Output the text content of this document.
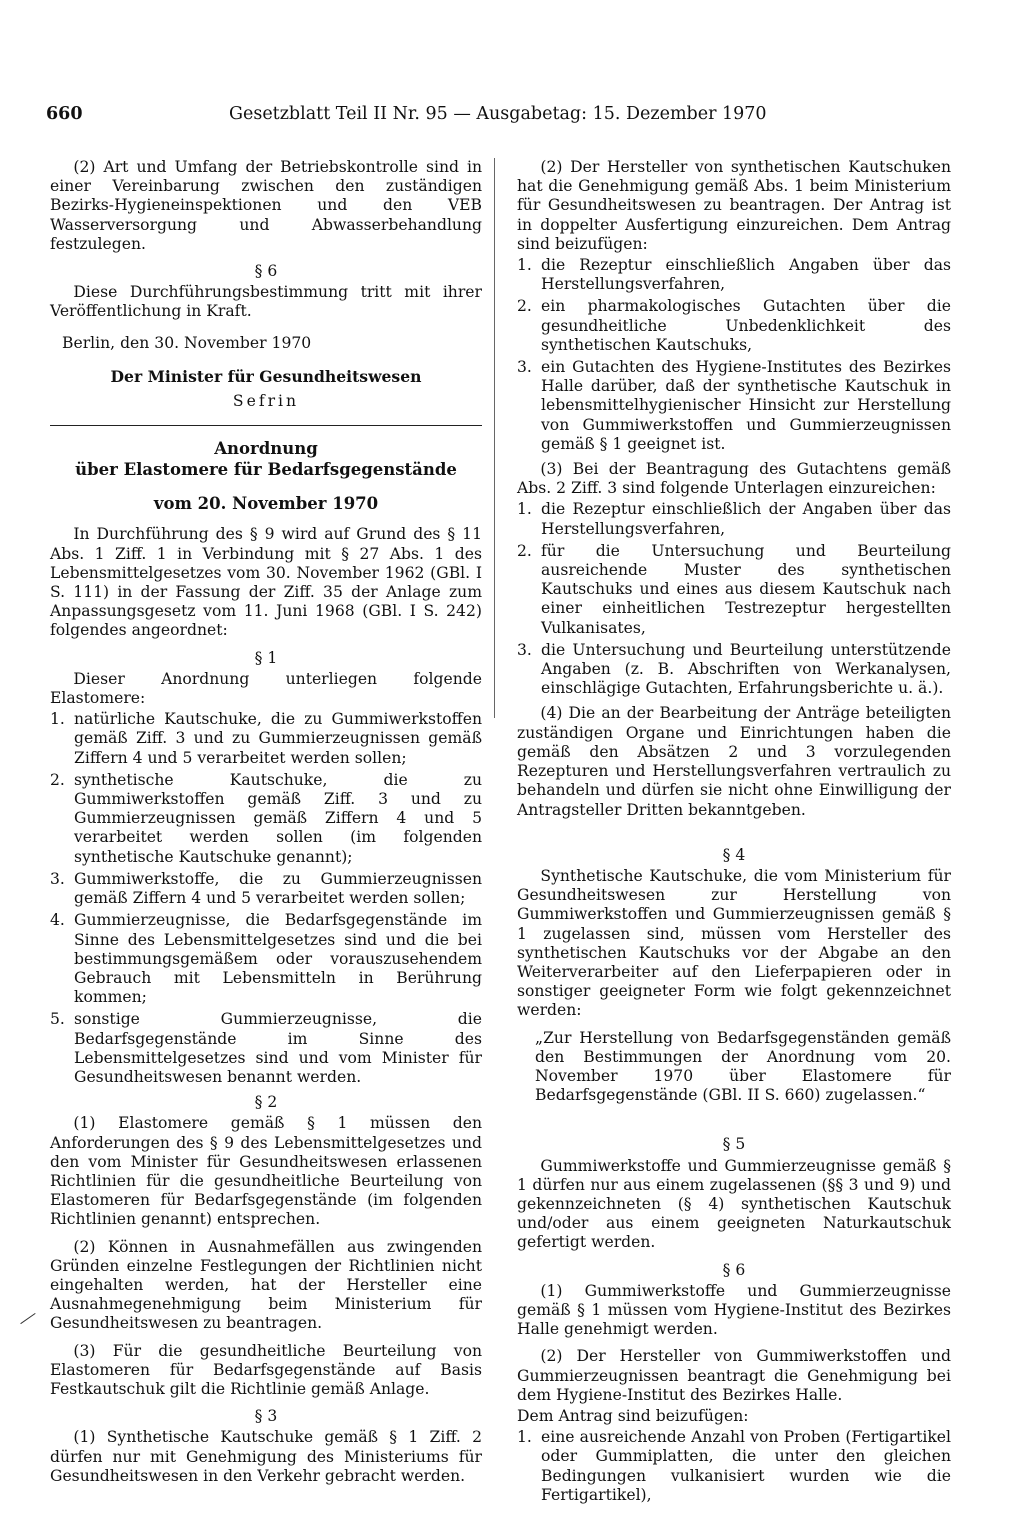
660	Gesetzblatt Teil II Nr. 95 — Ausgabetag: 15. Dezember 1970

(2) Art und Umfang der Betriebskontrolle sind in einer Vereinbarung zwischen den zuständigen Bezirks-Hygieneinspektionen und den VEB Wasserversorgung und Abwasserbehandlung festzulegen.

§ 6

Diese Durchführungsbestimmung tritt mit ihrer Veröffentlichung in Kraft.

Berlin, den 30. November 1970
Der Minister für Gesundheitswesen
Sefrin
Anordnung
über Elastomere für Bedarfsgegenstände
vom 20. November 1970

In Durchführung des § 9 wird auf Grund des § 11 Abs. 1 Ziff. 1 in Verbindung mit § 27 Abs. 1 des Lebensmittelgesetzes vom 30. November 1962 (GBl. I S. 111) in der Fassung der Ziff. 35 der Anlage zum Anpassungsgesetz vom 11. Juni 1968 (GBl. I S. 242) folgendes angeordnet:

§ 1

Dieser Anordnung unterliegen folgende Elastomere:

1. natürliche Kautschuke, die zu Gummiwerkstoffen gemäß Ziff. 3 und zu Gummierzeugnissen gemäß Ziffern 4 und 5 verarbeitet werden sollen;
2. synthetische Kautschuke, die zu Gummiwerkstoffen gemäß Ziff. 3 und zu Gummierzeugnissen gemäß Ziffern 4 und 5 verarbeitet werden sollen (im folgenden synthetische Kautschuke genannt);
3. Gummiwerkstoffe, die zu Gummierzeugnissen gemäß Ziffern 4 und 5 verarbeitet werden sollen;
4. Gummierzeugnisse, die Bedarfsgegenstände im Sinne des Lebensmittelgesetzes sind und die bei bestimmungsgemäßem oder vorauszusehendem Gebrauch mit Lebensmitteln in Berührung kommen;
5. sonstige Gummierzeugnisse, die Bedarfsgegenstände im Sinne des Lebensmittelgesetzes sind und vom Minister für Gesundheitswesen benannt werden.
§ 2

(1) Elastomere gemäß § 1 müssen den Anforderungen des § 9 des Lebensmittelgesetzes und den vom Minister für Gesundheitswesen erlassenen Richtlinien für die gesundheitliche Beurteilung von Elastomeren für Bedarfsgegenstände (im folgenden Richtlinien genannt) entsprechen.

(2) Können in Ausnahmefällen aus zwingenden Gründen einzelne Festlegungen der Richtlinien nicht eingehalten werden, hat der Hersteller eine Ausnahmegenehmigung beim Ministerium für Gesundheitswesen zu beantragen.

(3) Für die gesundheitliche Beurteilung von Elastomeren für Bedarfsgegenstände auf Basis Festkautschuk gilt die Richtlinie gemäß Anlage.

§ 3

(1) Synthetische Kautschuke gemäß § 1 Ziff. 2 dürfen nur mit Genehmigung des Ministeriums für Gesundheitswesen in den Verkehr gebracht werden.

(2) Der Hersteller von synthetischen Kautschuken hat die Genehmigung gemäß Abs. 1 beim Ministerium für Gesundheitswesen zu beantragen. Der Antrag ist in doppelter Ausfertigung einzureichen. Dem Antrag sind beizufügen:

1. die Rezeptur einschließlich Angaben über das Herstellungsverfahren,
2. ein pharmakologisches Gutachten über die gesundheitliche Unbedenklichkeit des synthetischen Kautschuks,
3. ein Gutachten des Hygiene-Institutes des Bezirkes Halle darüber, daß der synthetische Kautschuk in lebensmittelhygienischer Hinsicht zur Herstellung von Gummiwerkstoffen und Gummierzeugnissen gemäß § 1 geeignet ist.

(3) Bei der Beantragung des Gutachtens gemäß Abs. 2 Ziff. 3 sind folgende Unterlagen einzureichen:

1. die Rezeptur einschließlich der Angaben über das Herstellungsverfahren,
2. für die Untersuchung und Beurteilung ausreichende Muster des synthetischen Kautschuks und eines aus diesem Kautschuk nach einer einheitlichen Testrezeptur hergestellten Vulkanisates,
3. die Untersuchung und Beurteilung unterstützende Angaben (z. B. Abschriften von Werkanalysen, einschlägige Gutachten, Erfahrungsberichte u. ä.).

(4) Die an der Bearbeitung der Anträge beteiligten zuständigen Organe und Einrichtungen haben die gemäß den Absätzen 2 und 3 vorzulegenden Rezepturen und Herstellungsverfahren vertraulich zu behandeln und dürfen sie nicht ohne Einwilligung der Antragsteller Dritten bekanntgeben.

§ 4

Synthetische Kautschuke, die vom Ministerium für Gesundheitswesen zur Herstellung von Gummiwerkstoffen und Gummierzeugnissen gemäß § 1 zugelassen sind, müssen vom Hersteller des synthetischen Kautschuks vor der Abgabe an den Weiterverarbeiter auf den Lieferpapieren oder in sonstiger geeigneter Form wie folgt gekennzeichnet werden:

„Zur Herstellung von Bedarfsgegenständen gemäß den Bestimmungen der Anordnung vom 20. November 1970 über Elastomere für Bedarfsgegenstände (GBl. II S. 660) zugelassen.“

§ 5

Gummiwerkstoffe und Gummierzeugnisse gemäß § 1 dürfen nur aus einem zugelassenen (§§ 3 und 9) und gekennzeichneten (§ 4) synthetischen Kautschuk und/oder aus einem geeigneten Naturkautschuk gefertigt werden.

§ 6

(1) Gummiwerkstoffe und Gummierzeugnisse gemäß § 1 müssen vom Hygiene-Institut des Bezirkes Halle genehmigt werden.

(2) Der Hersteller von Gummiwerkstoffen und Gummierzeugnissen beantragt die Genehmigung bei dem Hygiene-Institut des Bezirkes Halle.

Dem Antrag sind beizufügen:

1. eine ausreichende Anzahl von Proben (Fertigartikel oder Gummiplatten, die unter den gleichen Bedingungen vulkanisiert wurden wie die Fertigartikel),
